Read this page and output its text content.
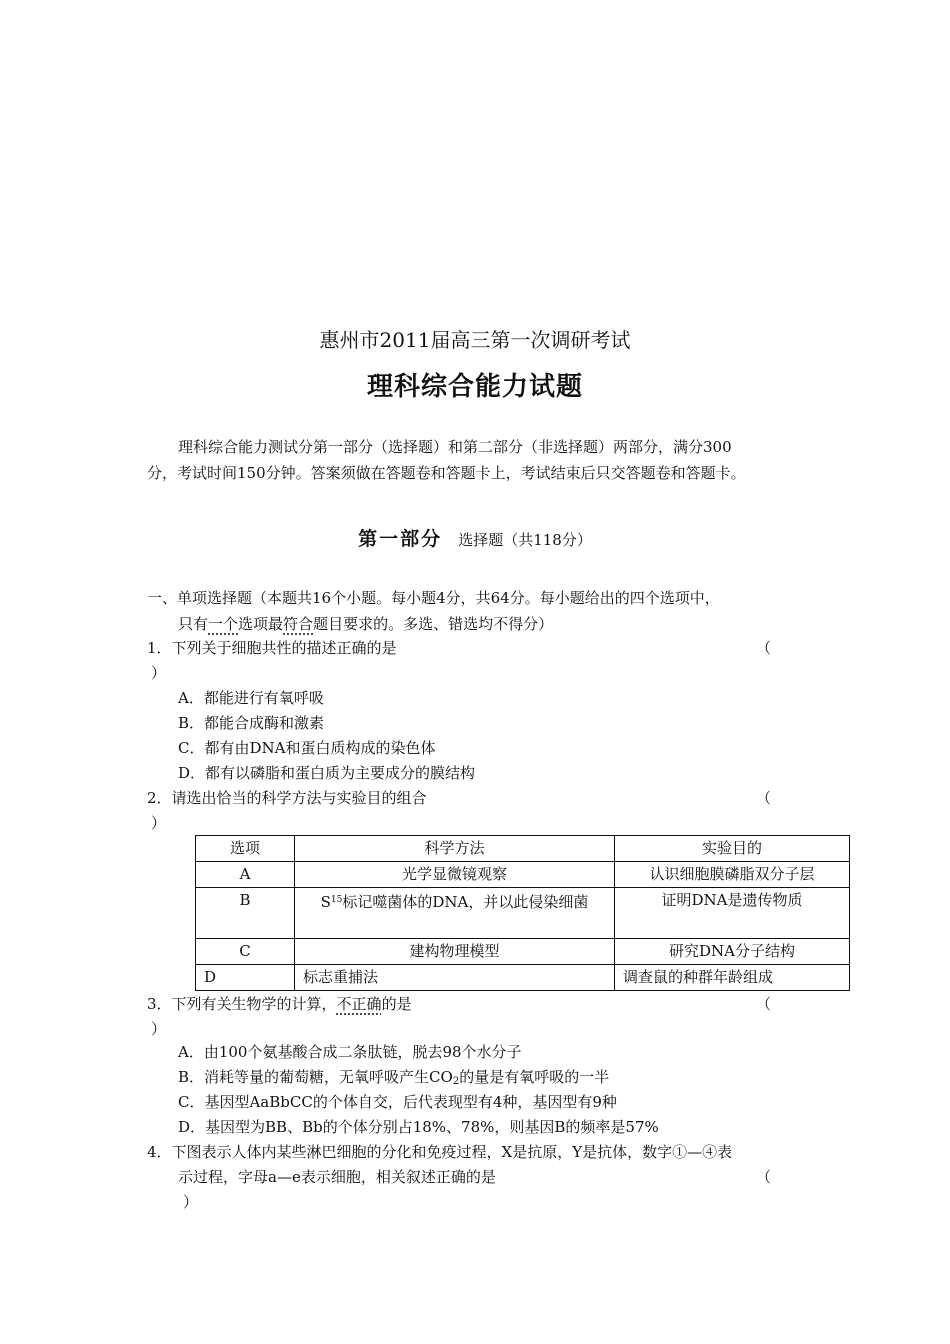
惠州市2011届高三第一次调研考试
理科综合能力试题
理科综合能力测试分第一部分（选择题）和第二部分（非选择题）两部分，满分300
分，考试时间150分钟。答案须做在答题卷和答题卡上，考试结束后只交答题卷和答题卡。
第一部分 选择题（共118分）
一、单项选择题（本题共16个小题。每小题4分，共64分。每小题给出的四个选项中，
只有一个选项最符合题目要求的。多选、错选均不得分）
1．下列关于细胞共性的描述正确的是	（
）
A．都能进行有氧呼吸
B．都能合成酶和激素
C．都有由DNA和蛋白质构成的染色体
D．都有以磷脂和蛋白质为主要成分的膜结构
2．请选出恰当的科学方法与实验目的组合	（
）
选项	科学方法	实验目的
A	光学显微镜观察	认识细胞膜磷脂双分子层
B	$S^{15}$标记噬菌体的DNA，并以此侵染细菌	证明DNA是遗传物质
C	建构物理模型	研究DNA分子结构
D	标志重捕法	调查鼠的种群年龄组成
3．下列有关生物学的计算，不正确的是	（
）
A．由100个氨基酸合成二条肽链，脱去98个水分子
B．消耗等量的葡萄糖，无氧呼吸产生$CO_2$的量是有氧呼吸的一半
C．基因型AaBbCC的个体自交，后代表现型有4种，基因型有9种
D．基因型为BB、Bb的个体分别占18%、78%，则基因B的频率是57%
4．下图表示人体内某些淋巴细胞的分化和免疫过程，X是抗原，Y是抗体，数字①—④表
示过程，字母a—e表示细胞，相关叙述正确的是	（
）
